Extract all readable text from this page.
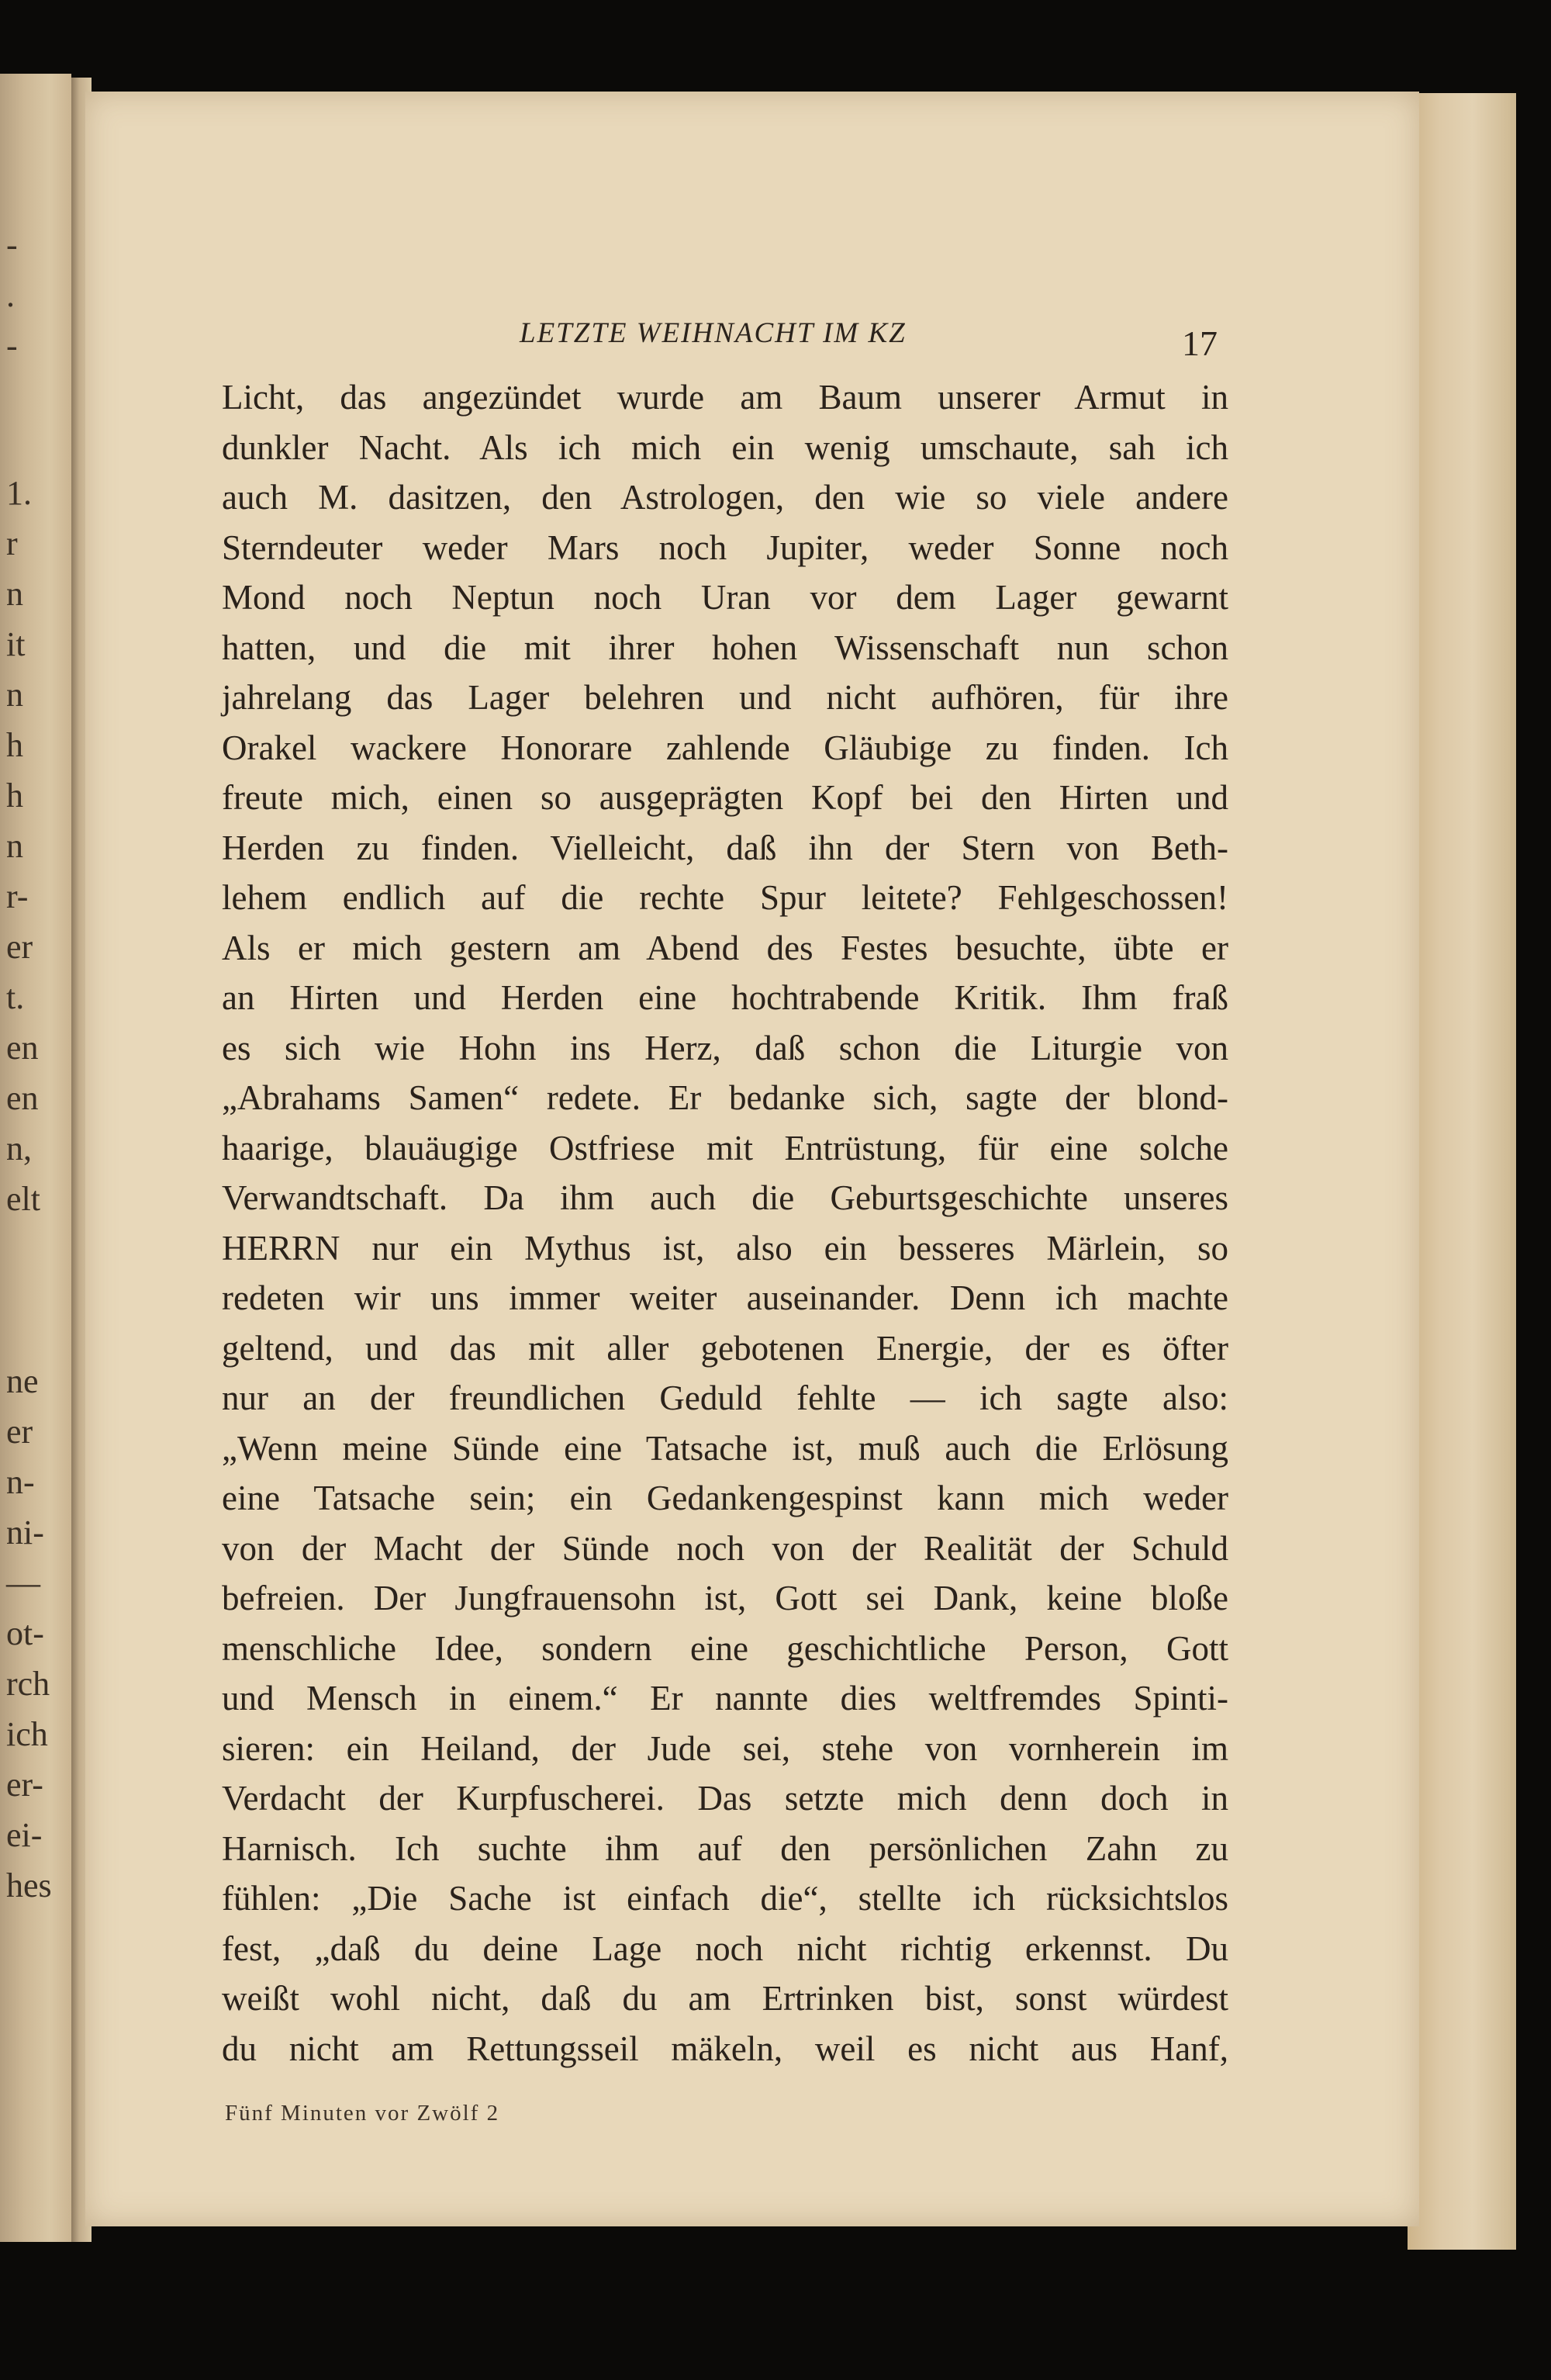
-
.
-
1.
r
n
it
n
h
h
n
r-
er
t.
en
en
n,
elt
ne
er
n-
ni-
—
ot-
rch
ich
er-
ei-
hes
LETZTE WEIHNACHT IM KZ	17
Licht, das angezündet wurde am Baum unserer Armut in
dunkler Nacht. Als ich mich ein wenig umschaute, sah ich
auch M. dasitzen, den Astrologen, den wie so viele andere
Sterndeuter weder Mars noch Jupiter, weder Sonne noch
Mond noch Neptun noch Uran vor dem Lager gewarnt
hatten, und die mit ihrer hohen Wissenschaft nun schon
jahrelang das Lager belehren und nicht aufhören, für ihre
Orakel wackere Honorare zahlende Gläubige zu finden. Ich
freute mich, einen so ausgeprägten Kopf bei den Hirten und
Herden zu finden. Vielleicht, daß ihn der Stern von Beth-
lehem endlich auf die rechte Spur leitete? Fehlgeschossen!
Als er mich gestern am Abend des Festes besuchte, übte er
an Hirten und Herden eine hochtrabende Kritik. Ihm fraß
es sich wie Hohn ins Herz, daß schon die Liturgie von
„Abrahams Samen“ redete. Er bedanke sich, sagte der blond-
haarige, blauäugige Ostfriese mit Entrüstung, für eine solche
Verwandtschaft. Da ihm auch die Geburtsgeschichte unseres
HERRN nur ein Mythus ist, also ein besseres Märlein, so
redeten wir uns immer weiter auseinander. Denn ich machte
geltend, und das mit aller gebotenen Energie, der es öfter
nur an der freundlichen Geduld fehlte — ich sagte also:
„Wenn meine Sünde eine Tatsache ist, muß auch die Erlösung
eine Tatsache sein; ein Gedankengespinst kann mich weder
von der Macht der Sünde noch von der Realität der Schuld
befreien. Der Jungfrauensohn ist, Gott sei Dank, keine bloße
menschliche Idee, sondern eine geschichtliche Person, Gott
und Mensch in einem.“ Er nannte dies weltfremdes Spinti-
sieren: ein Heiland, der Jude sei, stehe von vornherein im
Verdacht der Kurpfuscherei. Das setzte mich denn doch in
Harnisch. Ich suchte ihm auf den persönlichen Zahn zu
fühlen: „Die Sache ist einfach die“, stellte ich rücksichtslos
fest, „daß du deine Lage noch nicht richtig erkennst. Du
weißt wohl nicht, daß du am Ertrinken bist, sonst würdest
du nicht am Rettungsseil mäkeln, weil es nicht aus Hanf,
Fünf Minuten vor Zwölf 2
